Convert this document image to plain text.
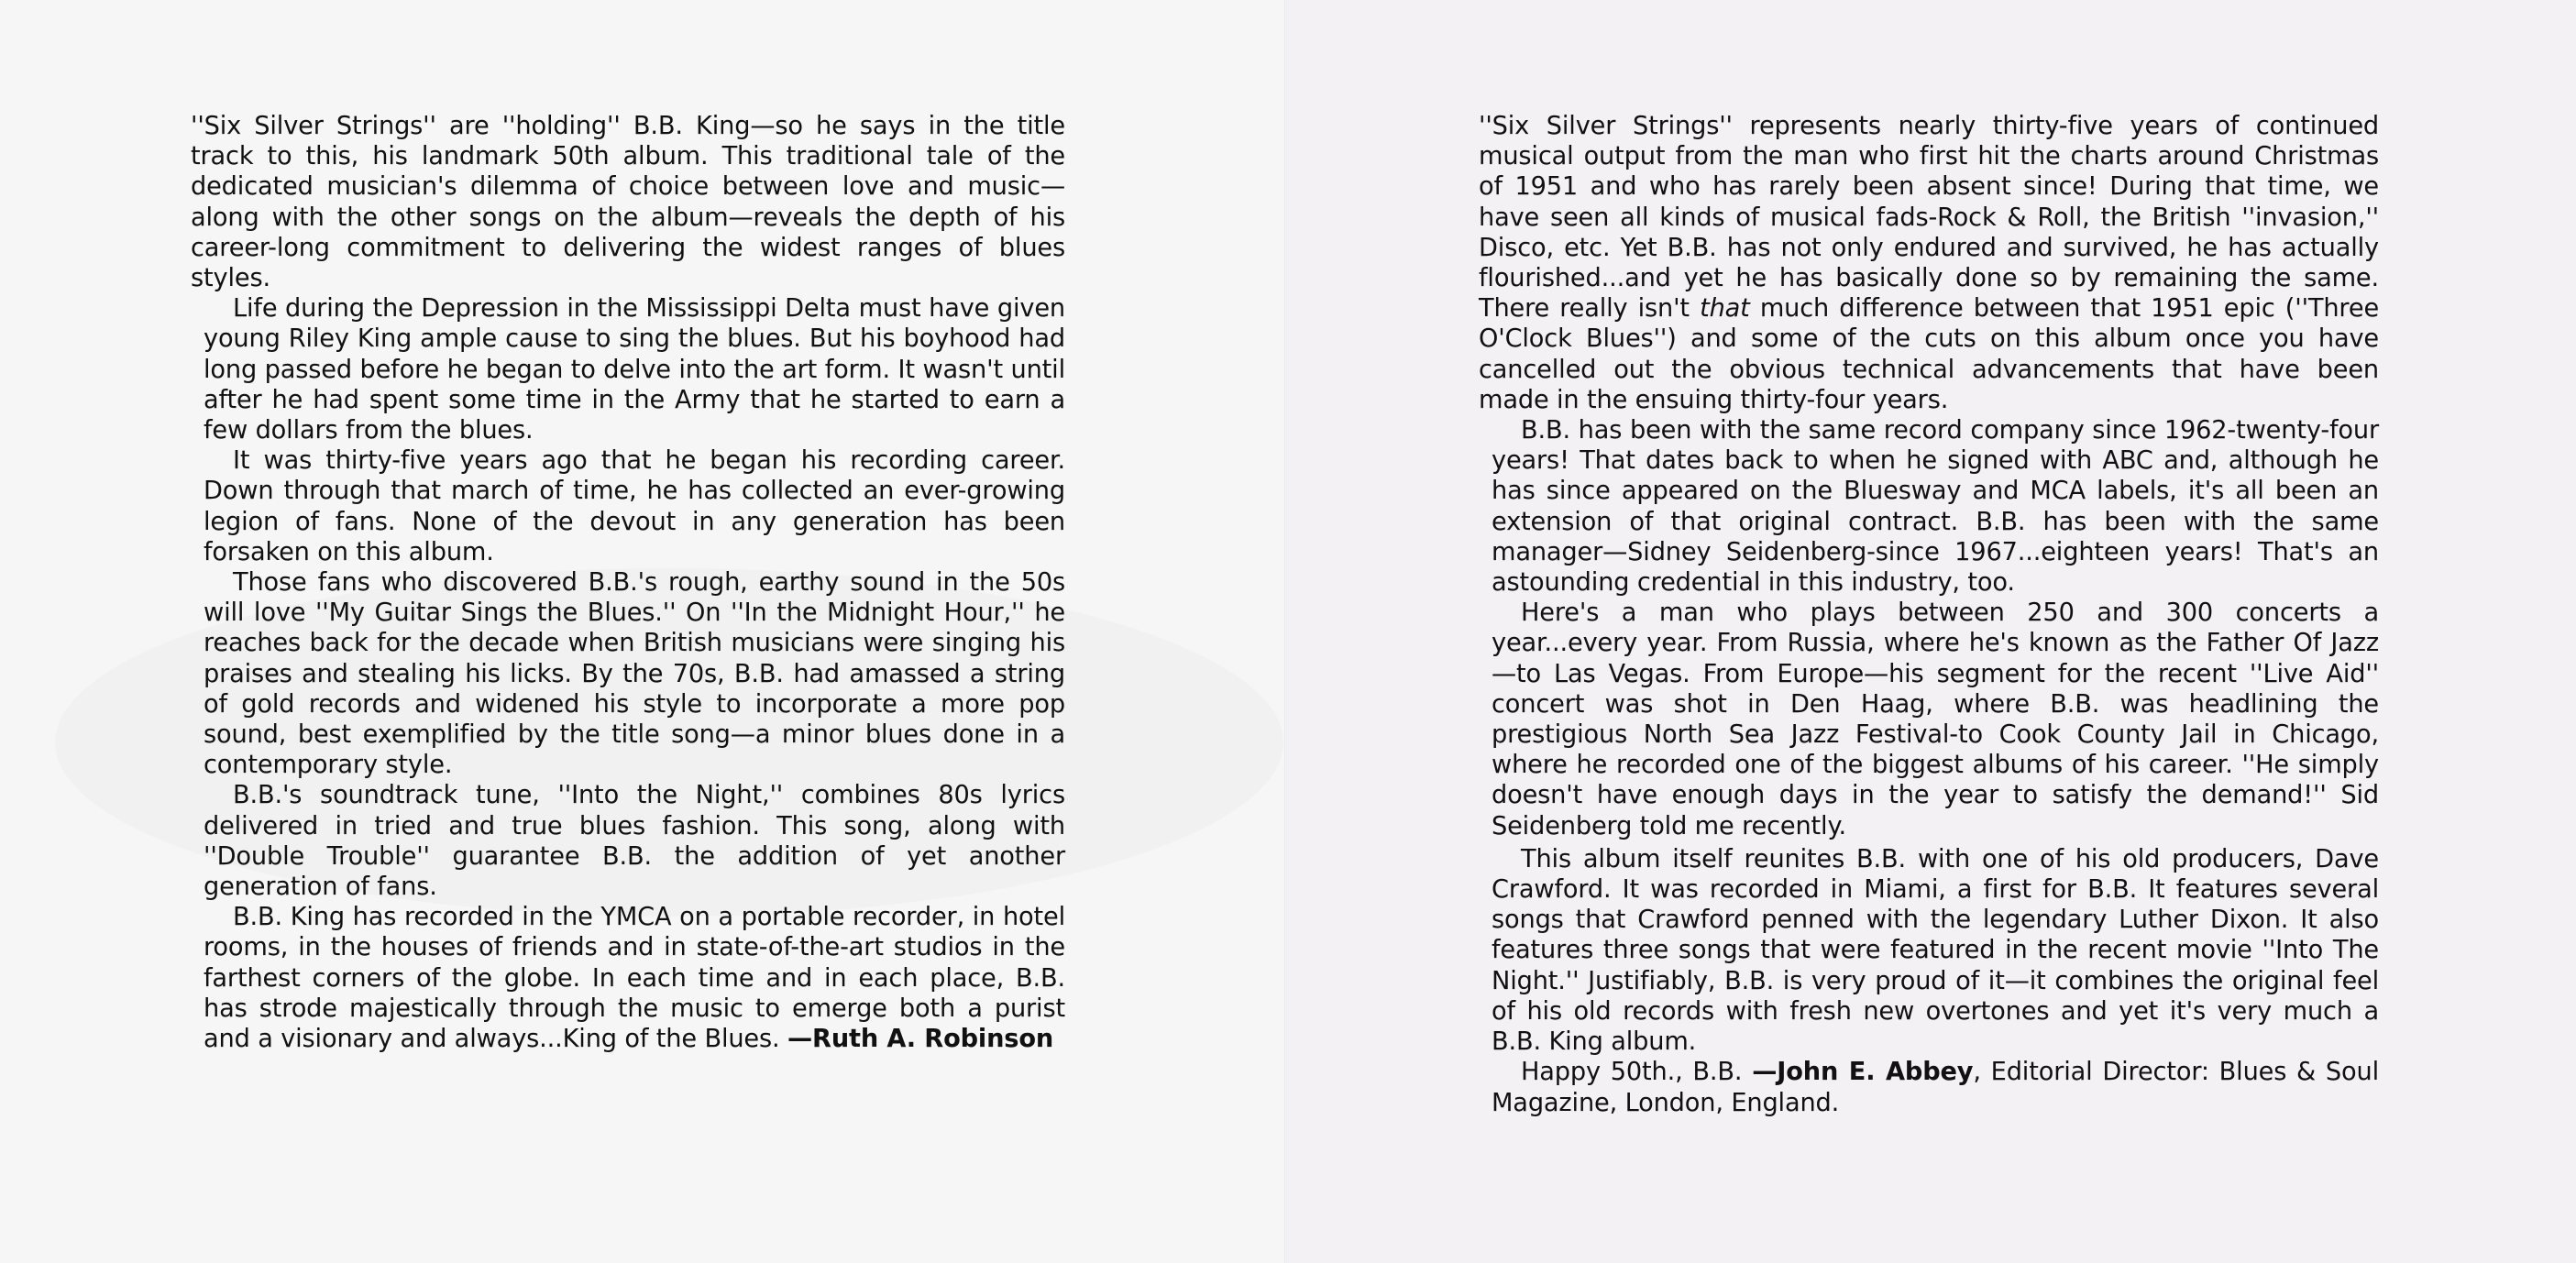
''Six Silver Strings'' are ''holding'' B.B. King—so he says in the title track to this, his landmark 50th album. This traditional tale of the dedicated musician's dilemma of choice between love and music—along with the other songs on the album—reveals the depth of his career-long commitment to delivering the widest ranges of blues styles.

Life during the Depression in the Mississippi Delta must have given young Riley King ample cause to sing the blues. But his boyhood had long passed before he began to delve into the art form. It wasn't until after he had spent some time in the Army that he started to earn a few dollars from the blues.

It was thirty-five years ago that he began his recording career. Down through that march of time, he has collected an ever-growing legion of fans. None of the devout in any generation has been forsaken on this album.

Those fans who discovered B.B.'s rough, earthy sound in the 50s will love ''My Guitar Sings the Blues.'' On ''In the Midnight Hour,'' he reaches back for the decade when British musicians were singing his praises and stealing his licks. By the 70s, B.B. had amassed a string of gold records and widened his style to incorporate a more pop sound, best exemplified by the title song—a minor blues done in a contemporary style.

B.B.'s soundtrack tune, ''Into the Night,'' combines 80s lyrics delivered in tried and true blues fashion. This song, along with ''Double Trouble'' guarantee B.B. the addition of yet another generation of fans.

B.B. King has recorded in the YMCA on a portable recorder, in hotel rooms, in the houses of friends and in state-of-the-art studios in the farthest corners of the globe. In each time and in each place, B.B. has strode majestically through the music to emerge both a purist and a visionary and always...King of the Blues. —Ruth A. Robinson

''Six Silver Strings'' represents nearly thirty-five years of continued musical output from the man who first hit the charts around Christmas of 1951 and who has rarely been absent since! During that time, we have seen all kinds of musical fads-Rock & Roll, the British ''invasion,'' Disco, etc. Yet B.B. has not only endured and survived, he has actually flourished...and yet he has basically done so by remaining the same. There really isn't that much difference between that 1951 epic (''Three O'Clock Blues'') and some of the cuts on this album once you have cancelled out the obvious technical advancements that have been made in the ensuing thirty-four years.

B.B. has been with the same record company since 1962-twenty-four years! That dates back to when he signed with ABC and, although he has since appeared on the Bluesway and MCA labels, it's all been an extension of that original contract. B.B. has been with the same manager—Sidney Seidenberg-since 1967...eighteen years! That's an astounding credential in this industry, too.

Here's a man who plays between 250 and 300 concerts a year...every year. From Russia, where he's known as the Father Of Jazz—to Las Vegas. From Europe—his segment for the recent ''Live Aid'' concert was shot in Den Haag, where B.B. was headlining the prestigious North Sea Jazz Festival-to Cook County Jail in Chicago, where he recorded one of the biggest albums of his career. ''He simply doesn't have enough days in the year to satisfy the demand!'' Sid Seidenberg told me recently.

This album itself reunites B.B. with one of his old producers, Dave Crawford. It was recorded in Miami, a first for B.B. It features several songs that Crawford penned with the legendary Luther Dixon. It also features three songs that were featured in the recent movie ''Into The Night.'' Justifiably, B.B. is very proud of it—it combines the original feel of his old records with fresh new overtones and yet it's very much a B.B. King album.

Happy 50th., B.B. —John E. Abbey, Editorial Director: Blues & Soul Magazine, London, England.
